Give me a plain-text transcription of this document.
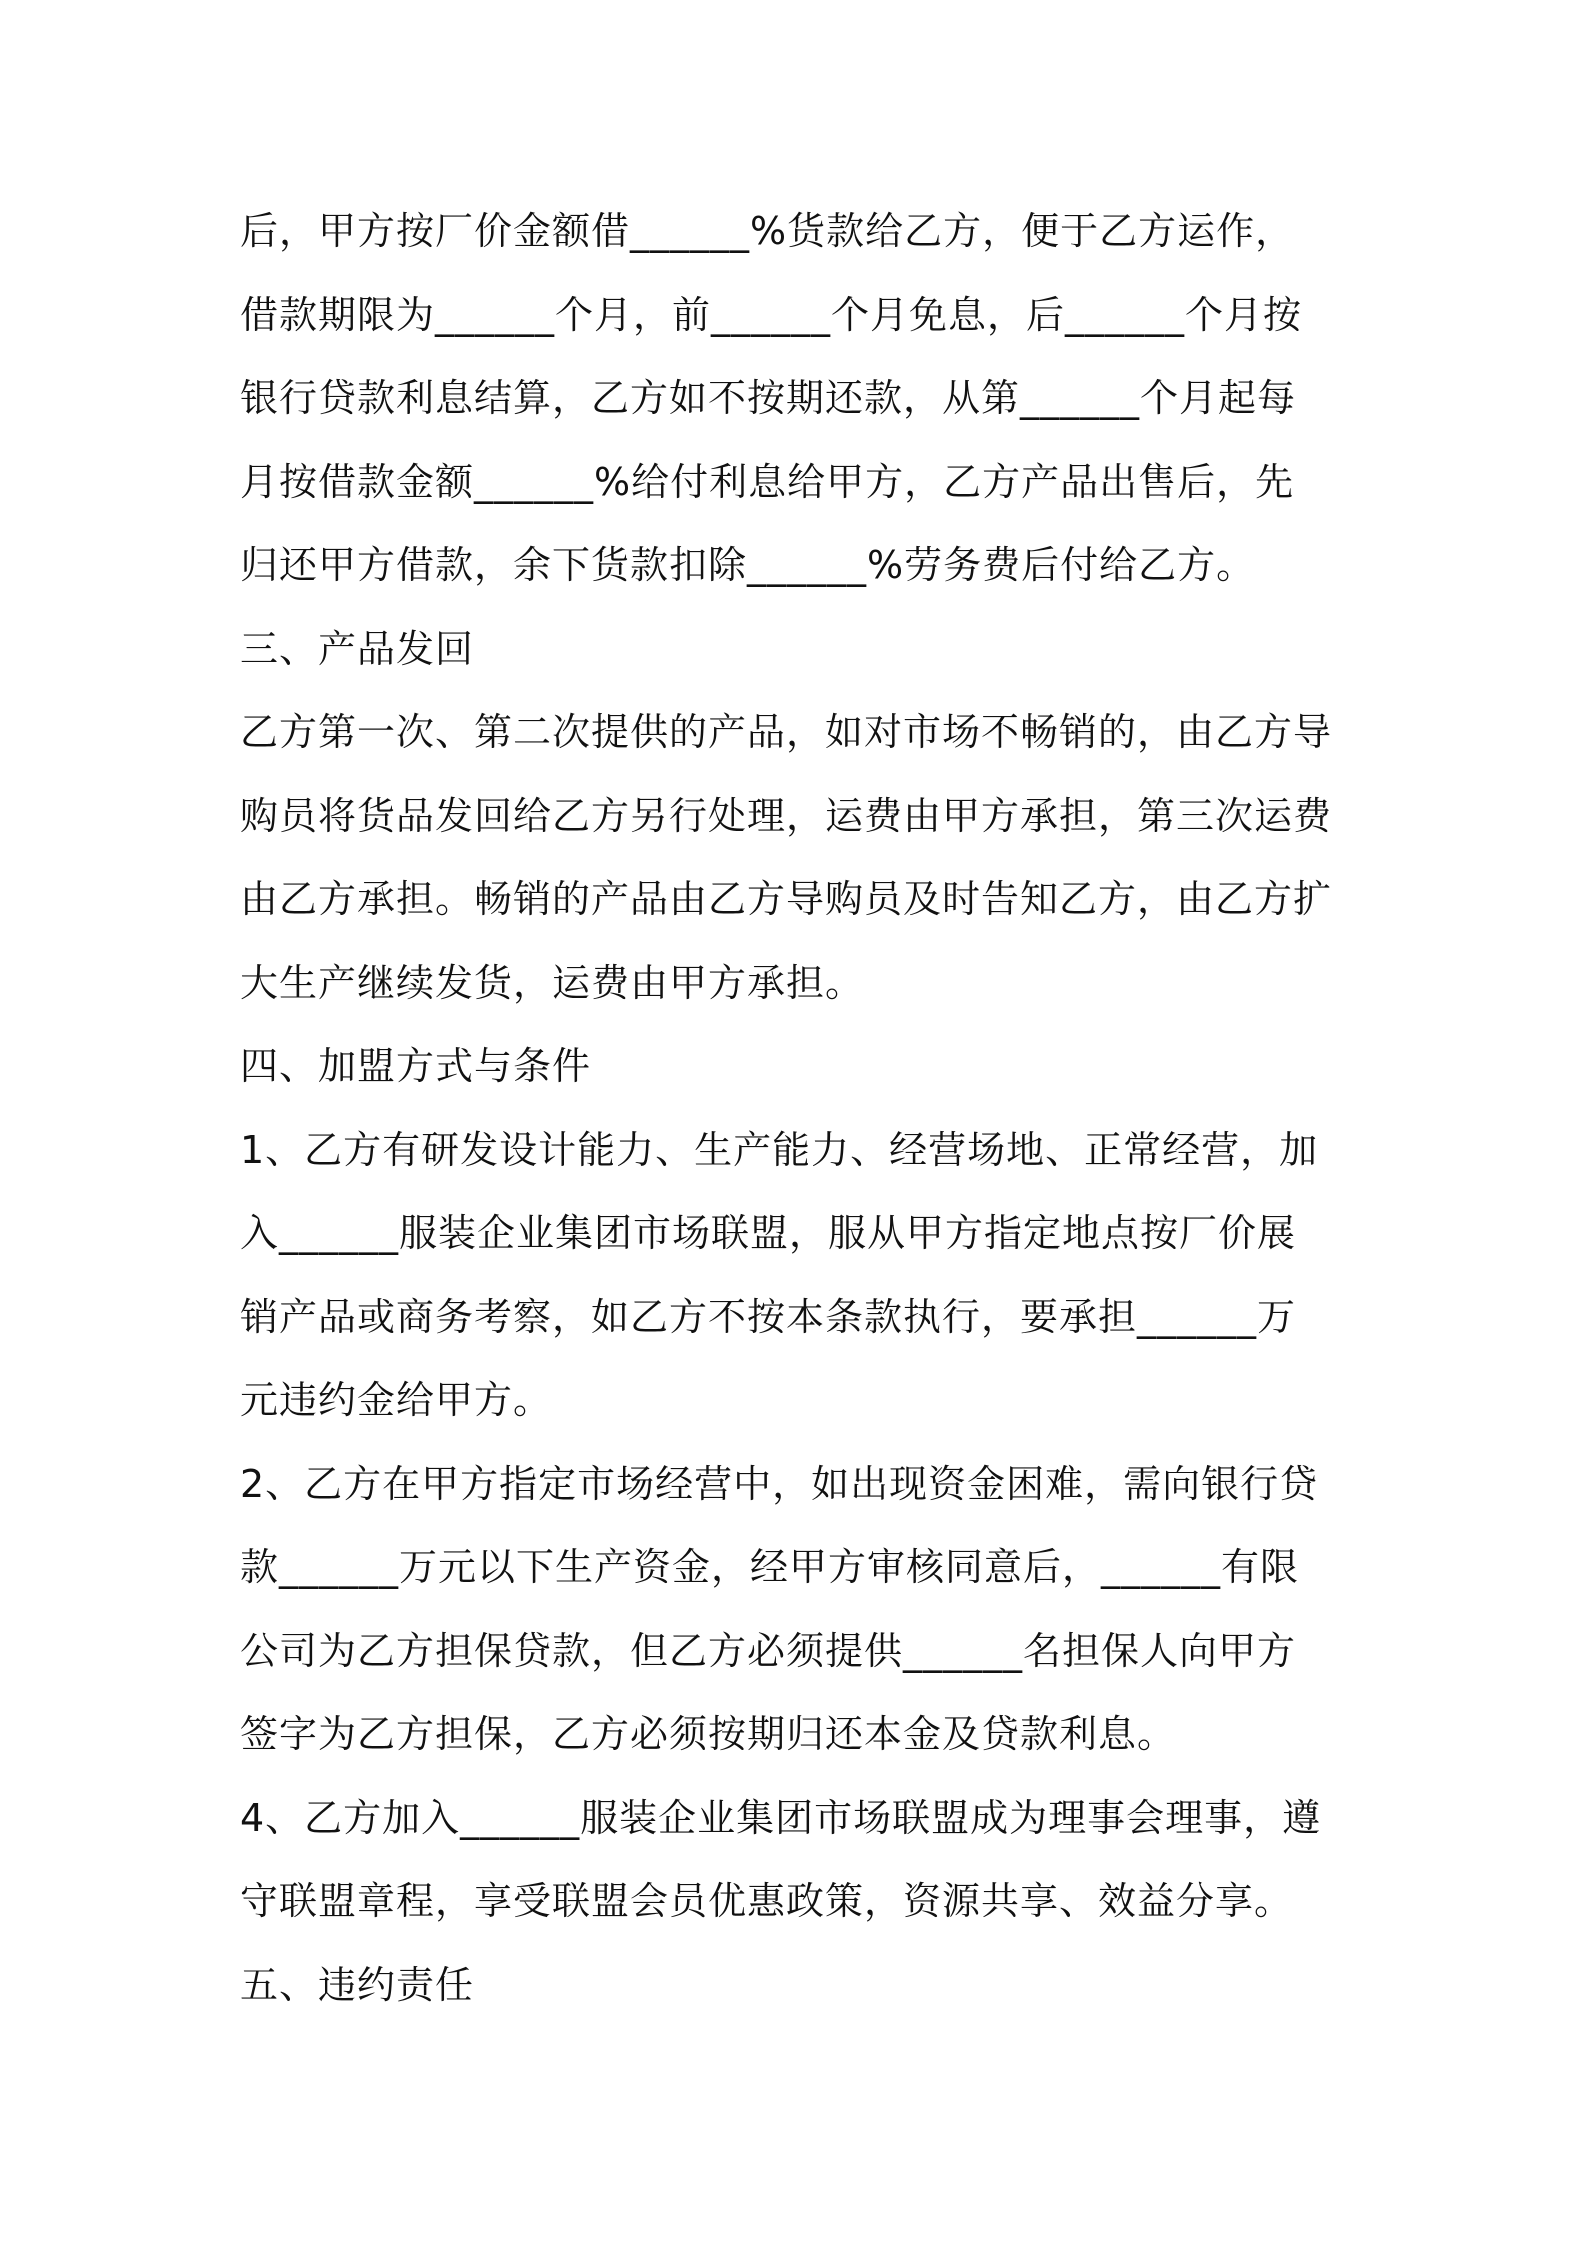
后，甲方按厂价金额借______%货款给乙方，便于乙方运作，
借款期限为______个月，前______个月免息，后______个月按
银行贷款利息结算，乙方如不按期还款，从第______个月起每
月按借款金额______%给付利息给甲方，乙方产品出售后，先
归还甲方借款，余下货款扣除______%劳务费后付给乙方。
三、产品发回
乙方第一次、第二次提供的产品，如对市场不畅销的，由乙方导
购员将货品发回给乙方另行处理，运费由甲方承担，第三次运费
由乙方承担。畅销的产品由乙方导购员及时告知乙方，由乙方扩
大生产继续发货，运费由甲方承担。
四、加盟方式与条件
1、乙方有研发设计能力、生产能力、经营场地、正常经营，加
入______服装企业集团市场联盟，服从甲方指定地点按厂价展
销产品或商务考察，如乙方不按本条款执行，要承担______万
元违约金给甲方。
2、乙方在甲方指定市场经营中，如出现资金困难，需向银行贷
款______万元以下生产资金，经甲方审核同意后，______有限
公司为乙方担保贷款，但乙方必须提供______名担保人向甲方
签字为乙方担保，乙方必须按期归还本金及贷款利息。
4、乙方加入______服装企业集团市场联盟成为理事会理事，遵
守联盟章程，享受联盟会员优惠政策，资源共享、效益分享。
五、违约责任
